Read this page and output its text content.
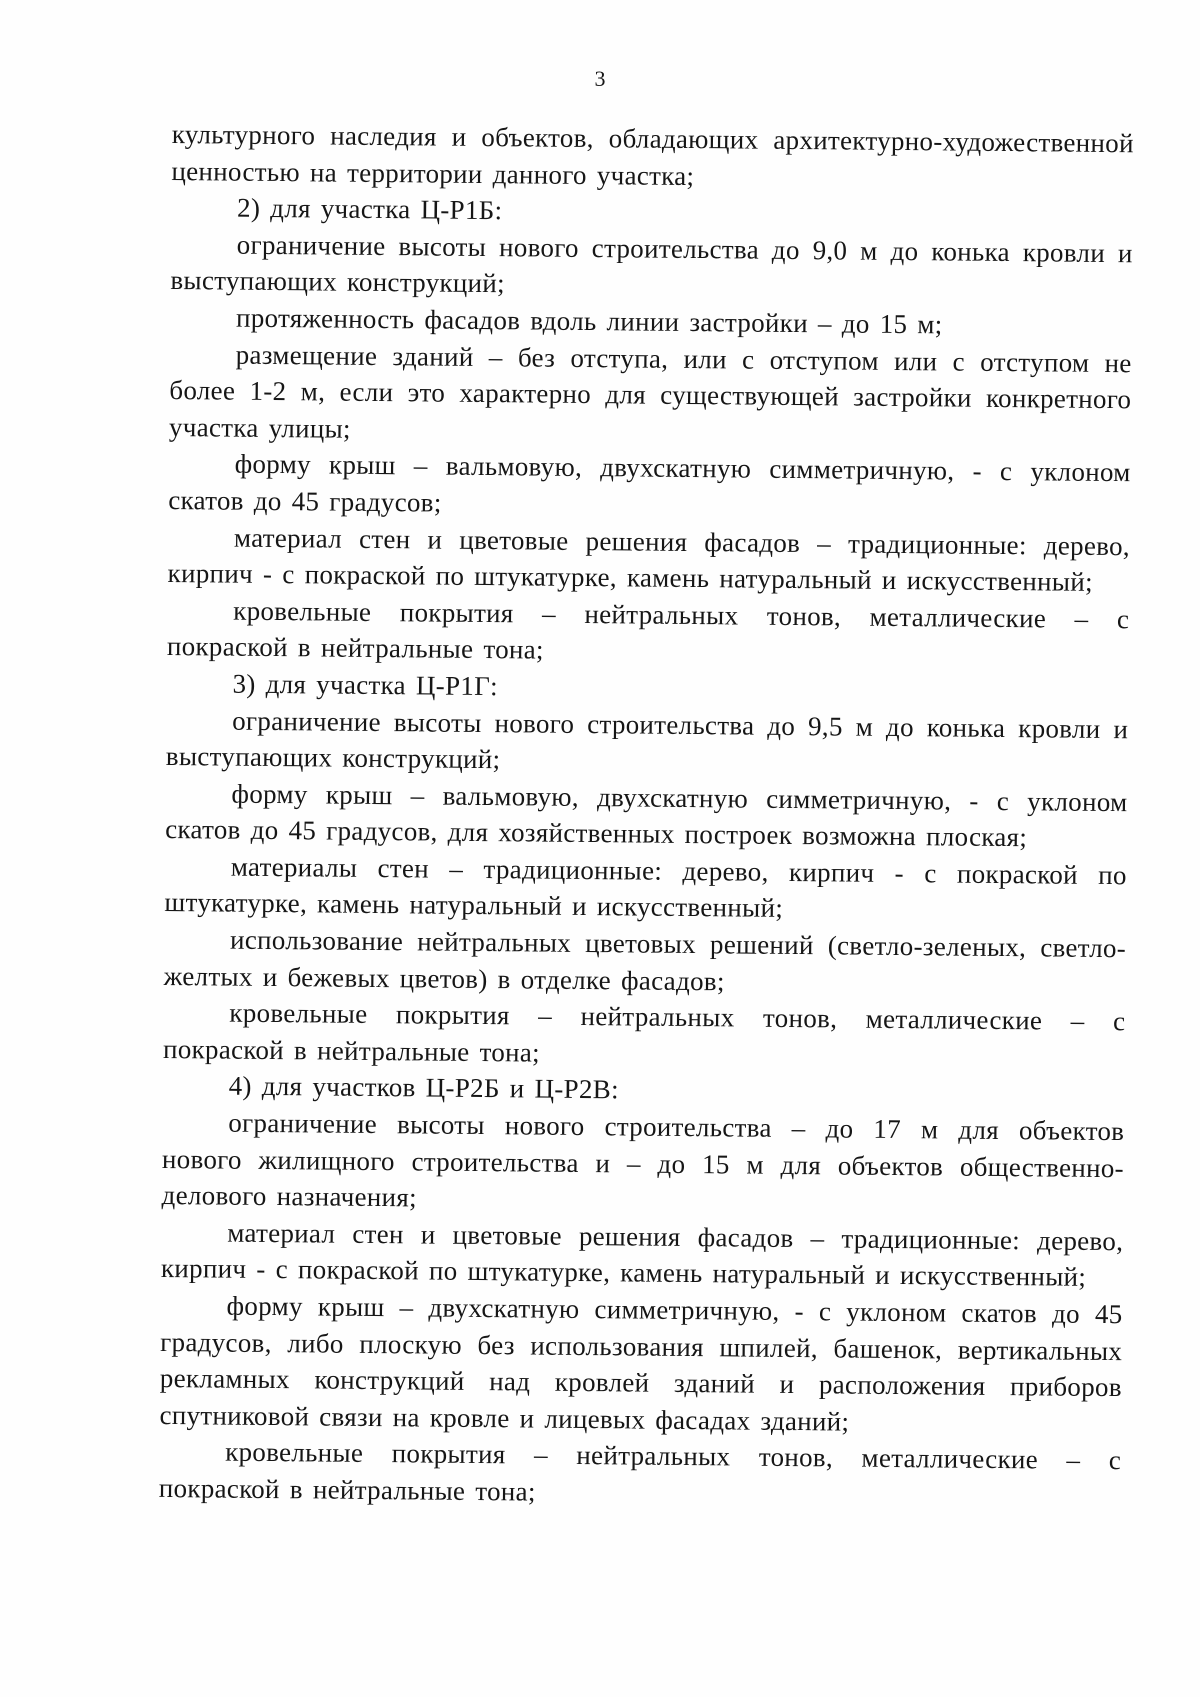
3

культурного наследия и объектов, обладающих архитектурно-художественной ценностью на территории данного участка;

2) для участка Ц-Р1Б:

ограничение высоты нового строительства до 9,0 м до конька кровли и выступающих конструкций;

протяженность фасадов вдоль линии застройки – до 15 м;

размещение зданий – без отступа, или с отступом или с отступом не более 1-2 м, если это характерно для существующей застройки конкретного участка улицы;

форму крыш – вальмовую, двухскатную симметричную, - с уклоном скатов до 45 градусов;

материал стен и цветовые решения фасадов – традиционные: дерево, кирпич - с покраской по штукатурке, камень натуральный и искусственный;

кровельные покрытия – нейтральных тонов, металлические – с покраской в нейтральные тона;

3) для участка Ц-Р1Г:

ограничение высоты нового строительства до 9,5 м до конька кровли и выступающих конструкций;

форму крыш – вальмовую, двухскатную симметричную, - с уклоном скатов до 45 градусов, для хозяйственных построек возможна плоская;

материалы стен – традиционные: дерево, кирпич - с покраской по штукатурке, камень натуральный и искусственный;

использование нейтральных цветовых решений (светло-зеленых, светло-желтых и бежевых цветов) в отделке фасадов;

кровельные покрытия – нейтральных тонов, металлические – с покраской в нейтральные тона;

4) для участков Ц-Р2Б и Ц-Р2В:

ограничение высоты нового строительства – до 17 м для объектов нового жилищного строительства и – до 15 м для объектов общественно-делового назначения;

материал стен и цветовые решения фасадов – традиционные: дерево, кирпич - с покраской по штукатурке, камень натуральный и искусственный;

форму крыш – двухскатную симметричную, - с уклоном скатов до 45 градусов, либо плоскую без использования шпилей, башенок, вертикальных рекламных конструкций над кровлей зданий и расположения приборов спутниковой связи на кровле и лицевых фасадах зданий;

кровельные покрытия – нейтральных тонов, металлические – с покраской в нейтральные тона;
